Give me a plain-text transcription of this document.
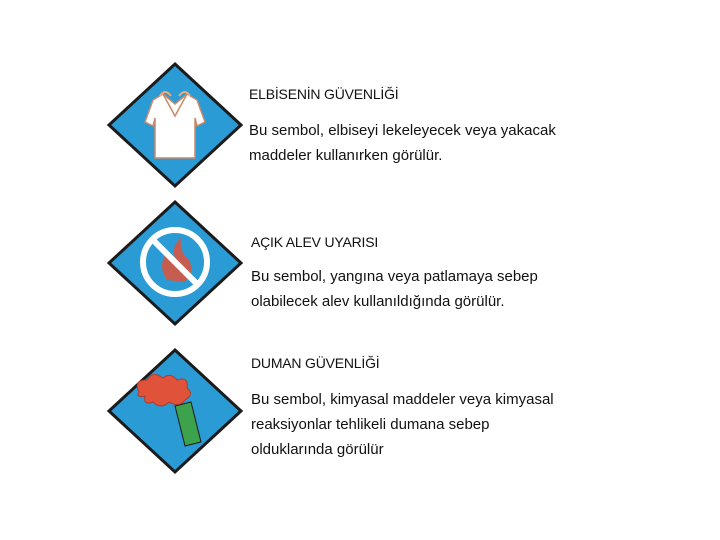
ELBİSENİN GÜVENLİĞİ
Bu sembol, elbiseyi lekeleyecek veya yakacak
maddeler kullanırken görülür.
AÇIK ALEV UYARISI
Bu sembol, yangına veya patlamaya sebep
olabilecek alev kullanıldığında görülür.
DUMAN GÜVENLİĞİ
Bu sembol, kimyasal maddeler veya kimyasal
reaksiyonlar tehlikeli dumana sebep
olduklarında görülür
